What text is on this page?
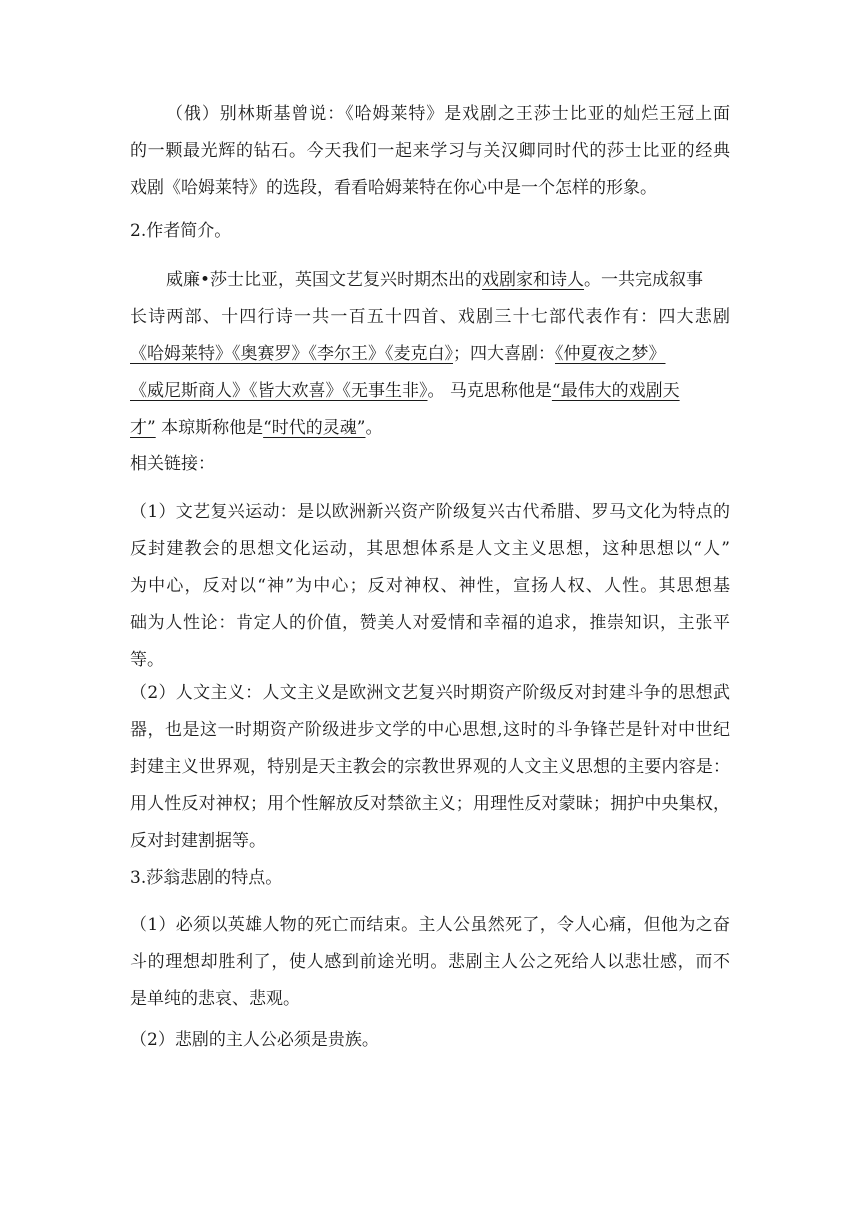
（俄）别林斯基曾说：《哈姆莱特》是戏剧之王莎士比亚的灿烂王冠上面
的一颗最光辉的钻石。今天我们一起来学习与关汉卿同时代的莎士比亚的经典
戏剧《哈姆莱特》的选段，看看哈姆莱特在你心中是一个怎样的形象。

2.作者简介。

威廉•莎士比亚，英国文艺复兴时期杰出的戏剧家和诗人。一共完成叙事
长诗两部、十四行诗一共一百五十四首、戏剧三十七部代表作有：四大悲剧
《哈姆莱特》《奥赛罗》《李尔王》《麦克白》；四大喜剧：《仲夏夜之梦》
《威尼斯商人》《皆大欢喜》《无事生非》。 马克思称他是“最伟大的戏剧天
才” 本琼斯称他是“时代的灵魂”。

相关链接：

（1）文艺复兴运动：是以欧洲新兴资产阶级复兴古代希腊、罗马文化为特点的
反封建教会的思想文化运动，其思想体系是人文主义思想，这种思想以“人”
为中心，反对以“神”为中心；反对神权、神性，宣扬人权、人性。其思想基
础为人性论：肯定人的价值，赞美人对爱情和幸福的追求，推崇知识，主张平
等。
（2）人文主义：人文主义是欧洲文艺复兴时期资产阶级反对封建斗争的思想武
器，也是这一时期资产阶级进步文学的中心思想,这时的斗争锋芒是针对中世纪
封建主义世界观，特别是天主教会的宗教世界观的人文主义思想的主要内容是：
用人性反对神权；用个性解放反对禁欲主义；用理性反对蒙昧；拥护中央集权，
反对封建割据等。

3.莎翁悲剧的特点。

（1）必须以英雄人物的死亡而结束。主人公虽然死了，令人心痛，但他为之奋
斗的理想却胜利了，使人感到前途光明。悲剧主人公之死给人以悲壮感，而不
是单纯的悲哀、悲观。

（2）悲剧的主人公必须是贵族。
